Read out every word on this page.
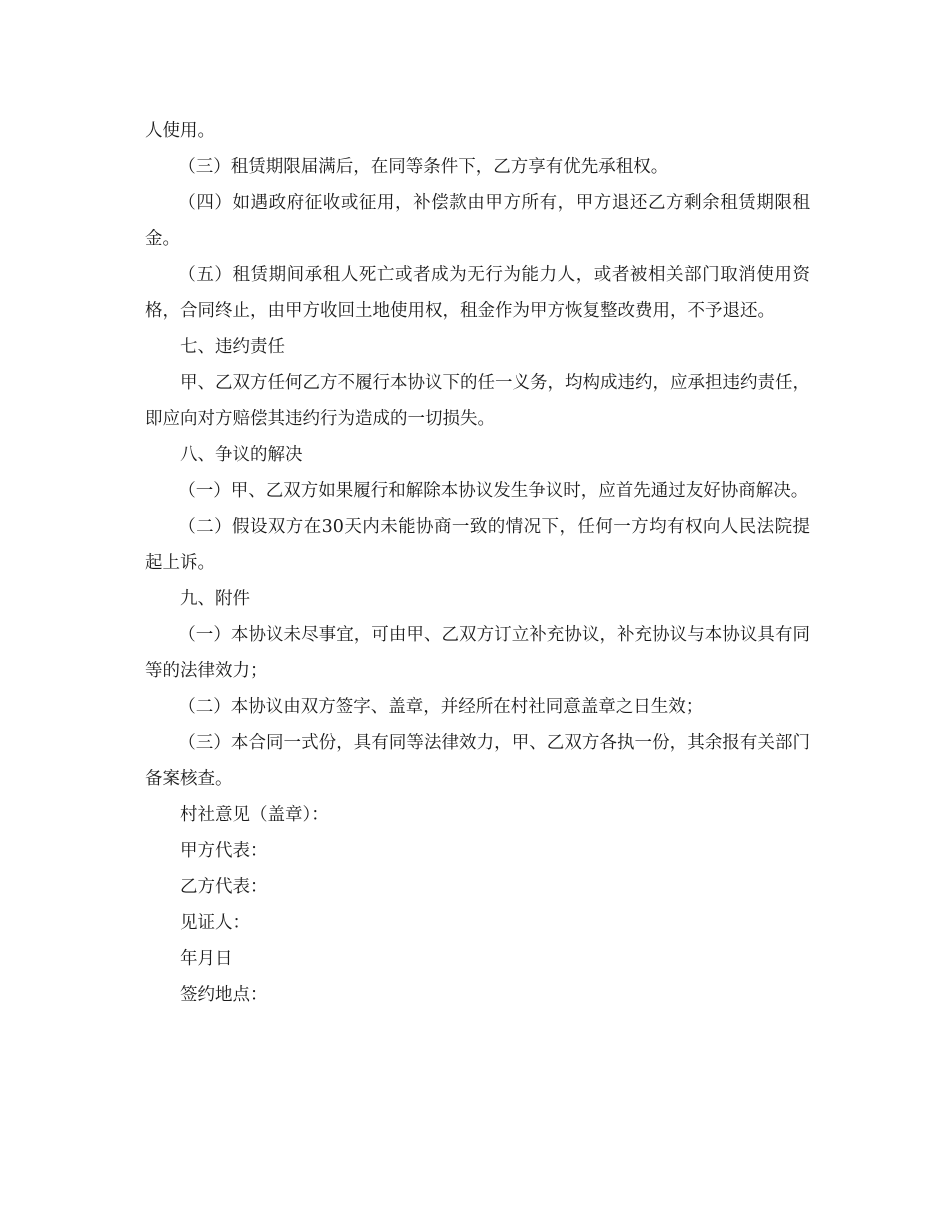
人使用。

（三）租赁期限届满后，在同等条件下，乙方享有优先承租权。

（四）如遇政府征收或征用，补偿款由甲方所有，甲方退还乙方剩余租赁期限租金。

（五）租赁期间承租人死亡或者成为无行为能力人，或者被相关部门取消使用资格，合同终止，由甲方收回土地使用权，租金作为甲方恢复整改费用，不予退还。

七、违约责任

甲、乙双方任何乙方不履行本协议下的任一义务，均构成违约，应承担违约责任，即应向对方赔偿其违约行为造成的一切损失。

八、争议的解决

（一）甲、乙双方如果履行和解除本协议发生争议时，应首先通过友好协商解决。

（二）假设双方在30天内未能协商一致的情况下，任何一方均有权向人民法院提起上诉。

九、附件

（一）本协议未尽事宜，可由甲、乙双方订立补充协议，补充协议与本协议具有同等的法律效力；

（二）本协议由双方签字、盖章，并经所在村社同意盖章之日生效；

（三）本合同一式份，具有同等法律效力，甲、乙双方各执一份，其余报有关部门备案核查。

村社意见（盖章）：

甲方代表：

乙方代表：

见证人：

年月日

签约地点：
